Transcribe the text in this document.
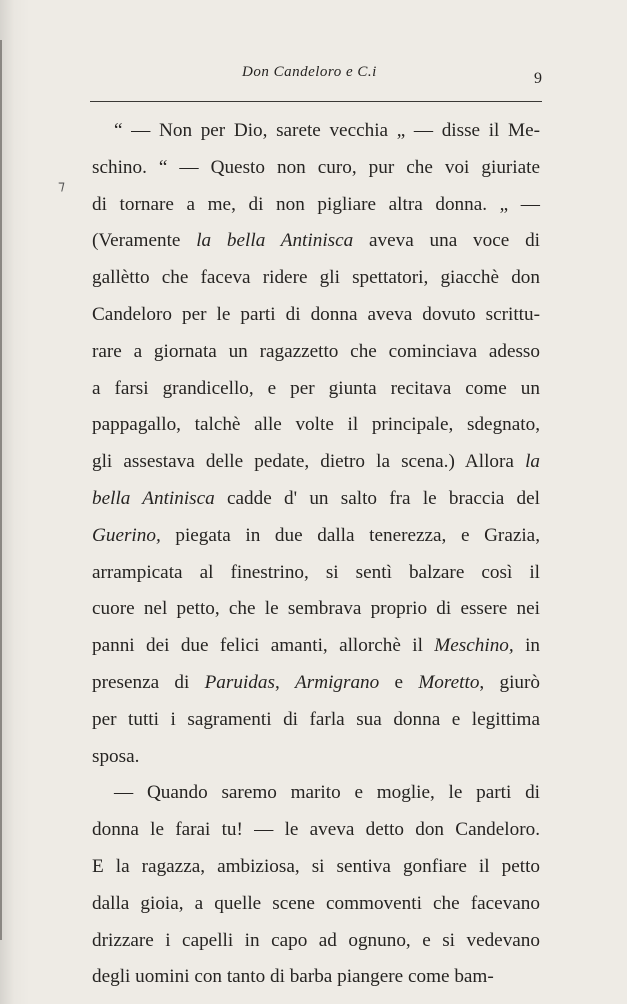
Don Candeloro e C.i	9
⁊
“ — Non per Dio, sarete vecchia „ — disse il Me-
schino. “ — Questo non curo, pur che voi giuriate
di tornare a me, di non pigliare altra donna. „ —
(Veramente la bella Antinisca aveva una voce di
gallètto che faceva ridere gli spettatori, giacchè don
Candeloro per le parti di donna aveva dovuto scrittu-
rare a giornata un ragazzetto che cominciava adesso
a farsi grandicello, e per giunta recitava come un
pappagallo, talchè alle volte il principale, sdegnato,
gli assestava delle pedate, dietro la scena.) Allora la
bella Antinisca cadde d' un salto fra le braccia del
Guerino, piegata in due dalla tenerezza, e Grazia,
arrampicata al finestrino, si sentì balzare così il
cuore nel petto, che le sembrava proprio di essere nei
panni dei due felici amanti, allorchè il Meschino, in
presenza di Paruidas, Armigrano e Moretto, giurò
per tutti i sagramenti di farla sua donna e legittima
sposa.
— Quando saremo marito e moglie, le parti di
donna le farai tu! — le aveva detto don Candeloro.
E la ragazza, ambiziosa, si sentiva gonfiare il petto
dalla gioia, a quelle scene commoventi che facevano
drizzare i capelli in capo ad ognuno, e si vedevano
degli uomini con tanto di barba piangere come bam-
